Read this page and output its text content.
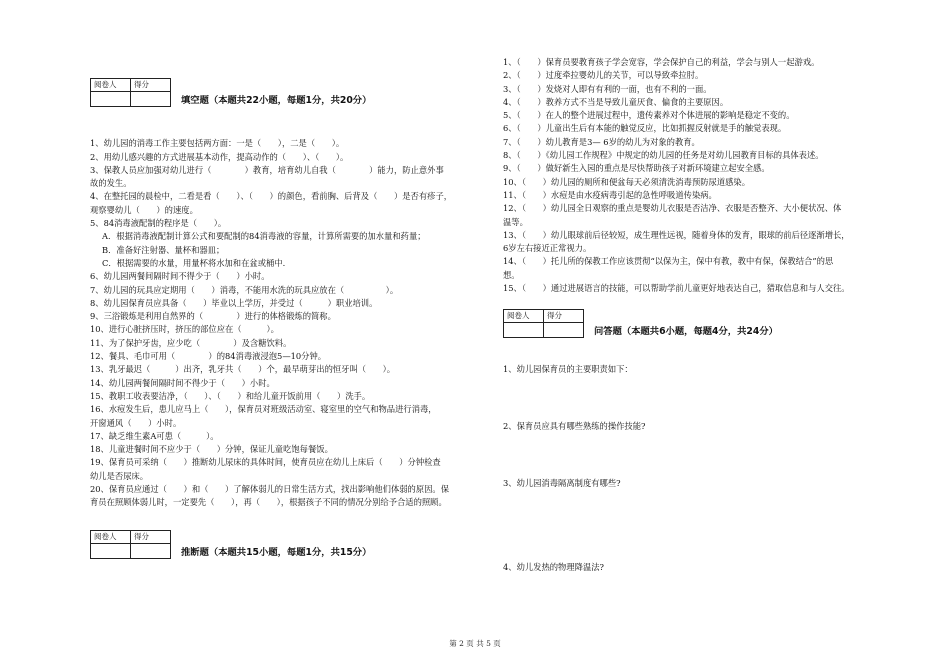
阅卷人	得分

填空题（本题共22小题，每题1分，共20分）

1、幼儿园的消毒工作主要包括两方面：一是（　　），二是（　　）。

2、用幼儿感兴趣的方式进展基本动作，提高动作的（　　）、（　　）。

3、保教人员应加强对幼儿进行（　　　　）教育，培育幼儿自我（　　　　）能力，防止意外事

故的发生。

4、在整托园的晨检中，二看是看（　　）、（　　）的颜色，看前胸、后背及（　　）是否有疹子，

观察婴幼儿（　　）的速度。

5、84消毒液配制的程序是（　　）。

A．根据消毒液配制计算公式和要配制的84消毒液的容量，计算所需要的加水量和药量；

B．准备好注射器、量杯和器皿；

C．根据需要的水量，用量杯将水加和在盆或桶中.

6、幼儿园两餐间隔时间不得少于（　　）小时。

7、幼儿园的玩具应定期用（　　）消毒，不能用水洗的玩具应放在（　　　　　）。

8、幼儿园保育员应具备（　　）毕业以上学历，并受过（　　　）职业培训。

9、三浴锻炼是利用自然界的（　　　　）进行的体格锻炼的简称。

10、进行心脏挤压时，挤压的部位应在（　　　）。

11、为了保护牙齿，应少吃（　　　　）及含糖饮料。

12、餐具、毛巾可用（　　　　）的84消毒液浸泡5—10分钟。

13、乳牙最迟（　　　）出齐，乳牙共（　　）个，最早萌芽出的恒牙叫（　　）。

14、幼儿园两餐间隔时间不得少于（　　）小时。

15、教职工收表要洁净，（　　）、（　　）和给儿童开饭前用（　　）洗手。

16、水痘发生后，患儿应马上（　　），保育员对班级活动室、寝室里的空气和物品进行消毒，

开窗通风（　　）小时。

17、缺乏维生素A可患（　　　）。

18、儿童进餐时间不应少于（　　）分钟，保证儿童吃饱每餐饭。

19、保育员可采纳（　　）推断幼儿尿床的具体时间，使育员应在幼儿上床后（　　）分钟检查

幼儿是否尿床。

20、保育员应通过（　　）和（　　）了解体弱儿的日常生活方式，找出影响他们体弱的原因。保

育员在照顾体弱儿时，一定要先（　　），再（　　），根据孩子不同的情况分别给予合适的照顾。

阅卷人	得分

推断题（本题共15小题，每题1分，共15分）

1、（　　）保育员要教育孩子学会宽容，学会保护自己的利益，学会与别人一起游戏。

2、（　　）过度牵拉婴幼儿的关节，可以导致牵拉肘。

3、（　　）发烧对人即有有利的一面，也有不利的一面。

4、（　　）教养方式不当是导致儿童厌食、偏食的主要原因。

5、（　　）在人的整个进展过程中，遗传素养对个体进展的影响是稳定不变的。

6、（　　）儿童出生后有本能的触觉反应，比如抓握反射就是手的触觉表现。

7、（　　）幼儿教育是3— 6岁的幼儿为对象的教育。

8、（　　）《幼儿园工作规程》中规定的幼儿园的任务是对幼儿园教育目标的具体表述。

9、（　　）做好新生入园的重点是尽快帮助孩子对新环境建立起安全感。

10、（　　）幼儿园的厕所和便盆每天必须清洗消毒预防尿道感染。

11、（　　）水痘是由水疫病毒引起的急性呼吸道传染病。

12、（　　）幼儿园全日观察的重点是婴幼儿衣服是否洁净、衣服是否整齐、大小便状况、体

温等。

13、（　　）幼儿眼球前后径较短，成生理性远视，随着身体的发育，眼球的前后径逐渐增长，

6岁左右接近正常视力。

14、（　　）托儿所的保教工作应该贯彻“以保为主，保中有教，教中有保，保教结合”的思

想。

15、（　　）通过进展语言的技能，可以帮助学前儿童更好地表达自己，猎取信息和与人交往。

阅卷人	得分

问答题（本题共6小题，每题4分，共24分）

1、幼儿园保育员的主要职责如下：

2、保育员应具有哪些熟练的操作技能?

3、幼儿园消毒隔离制度有哪些?

4、幼儿发热的物理降温法?

第 2 页 共 5 页
